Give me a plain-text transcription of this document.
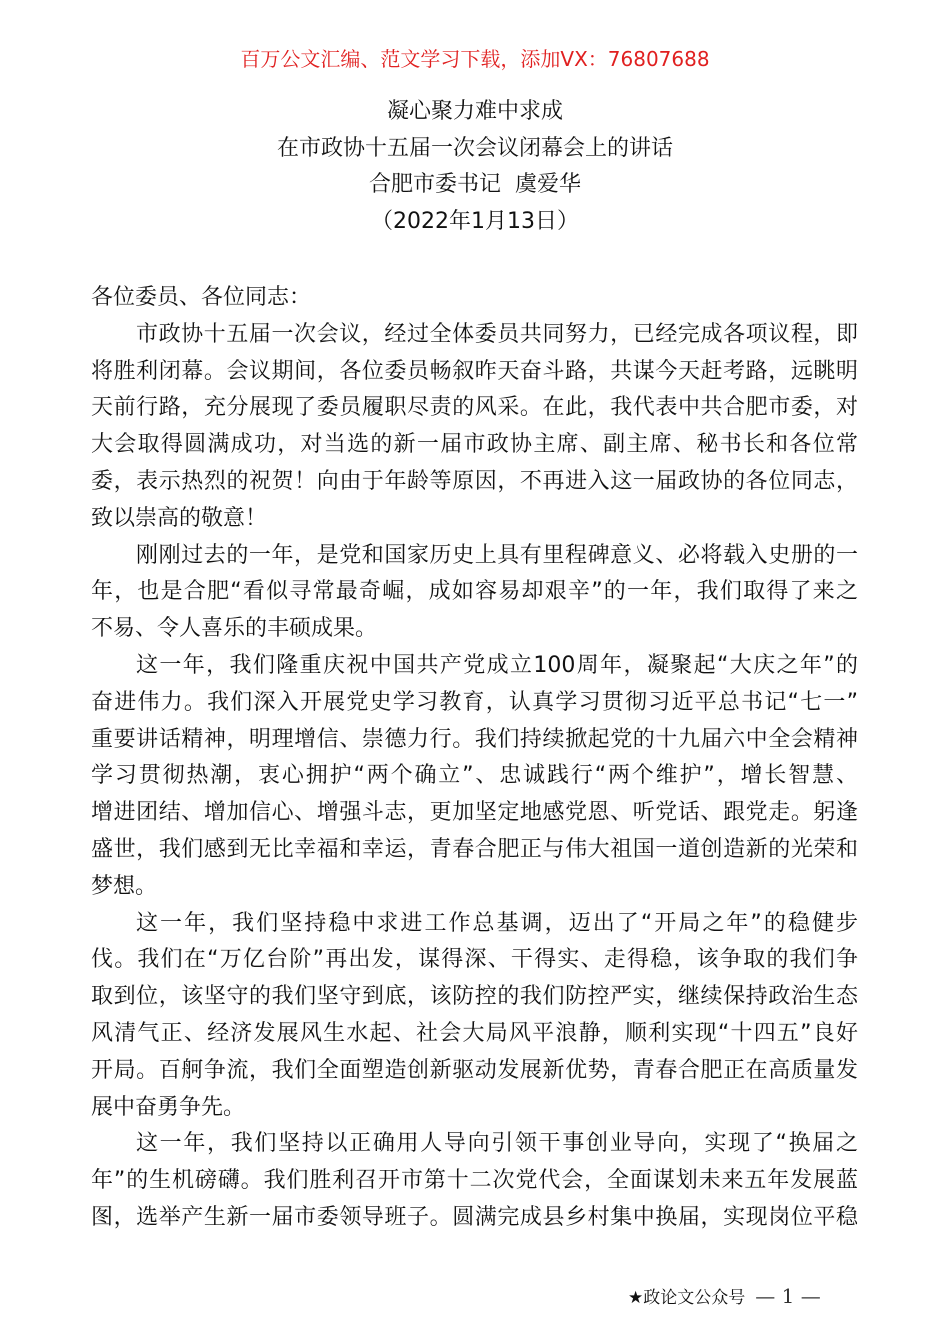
百万公文汇编、范文学习下载，添加VX：76807688
凝心聚力难中求成
在市政协十五届一次会议闭幕会上的讲话
合肥市委书记  虞爱华
（2022年1月13日）
各位委员、各位同志：
市政协十五届一次会议，经过全体委员共同努力，已经完成各项议程，即
将胜利闭幕。会议期间，各位委员畅叙昨天奋斗路，共谋今天赶考路，远眺明
天前行路，充分展现了委员履职尽责的风采。在此，我代表中共合肥市委，对
大会取得圆满成功，对当选的新一届市政协主席、副主席、秘书长和各位常
委，表示热烈的祝贺！向由于年龄等原因，不再进入这一届政协的各位同志，
致以崇高的敬意！
刚刚过去的一年，是党和国家历史上具有里程碑意义、必将载入史册的一
年，也是合肥“看似寻常最奇崛，成如容易却艰辛”的一年，我们取得了来之
不易、令人喜乐的丰硕成果。
这一年，我们隆重庆祝中国共产党成立100周年，凝聚起“大庆之年”的
奋进伟力。我们深入开展党史学习教育，认真学习贯彻习近平总书记“七一”
重要讲话精神，明理增信、崇德力行。我们持续掀起党的十九届六中全会精神
学习贯彻热潮，衷心拥护“两个确立”、忠诚践行“两个维护”，增长智慧、
增进团结、增加信心、增强斗志，更加坚定地感党恩、听党话、跟党走。躬逢
盛世，我们感到无比幸福和幸运，青春合肥正与伟大祖国一道创造新的光荣和
梦想。
这一年，我们坚持稳中求进工作总基调，迈出了“开局之年”的稳健步
伐。我们在“万亿台阶”再出发，谋得深、干得实、走得稳，该争取的我们争
取到位，该坚守的我们坚守到底，该防控的我们防控严实，继续保持政治生态
风清气正、经济发展风生水起、社会大局风平浪静，顺利实现“十四五”良好
开局。百舸争流，我们全面塑造创新驱动发展新优势，青春合肥正在高质量发
展中奋勇争先。
这一年，我们坚持以正确用人导向引领干事创业导向，实现了“换届之
年”的生机磅礴。我们胜利召开市第十二次党代会，全面谋划未来五年发展蓝
图，选举产生新一届市委领导班子。圆满完成县乡村集中换届，实现岗位平稳
★政论文公众号 — 1 —
